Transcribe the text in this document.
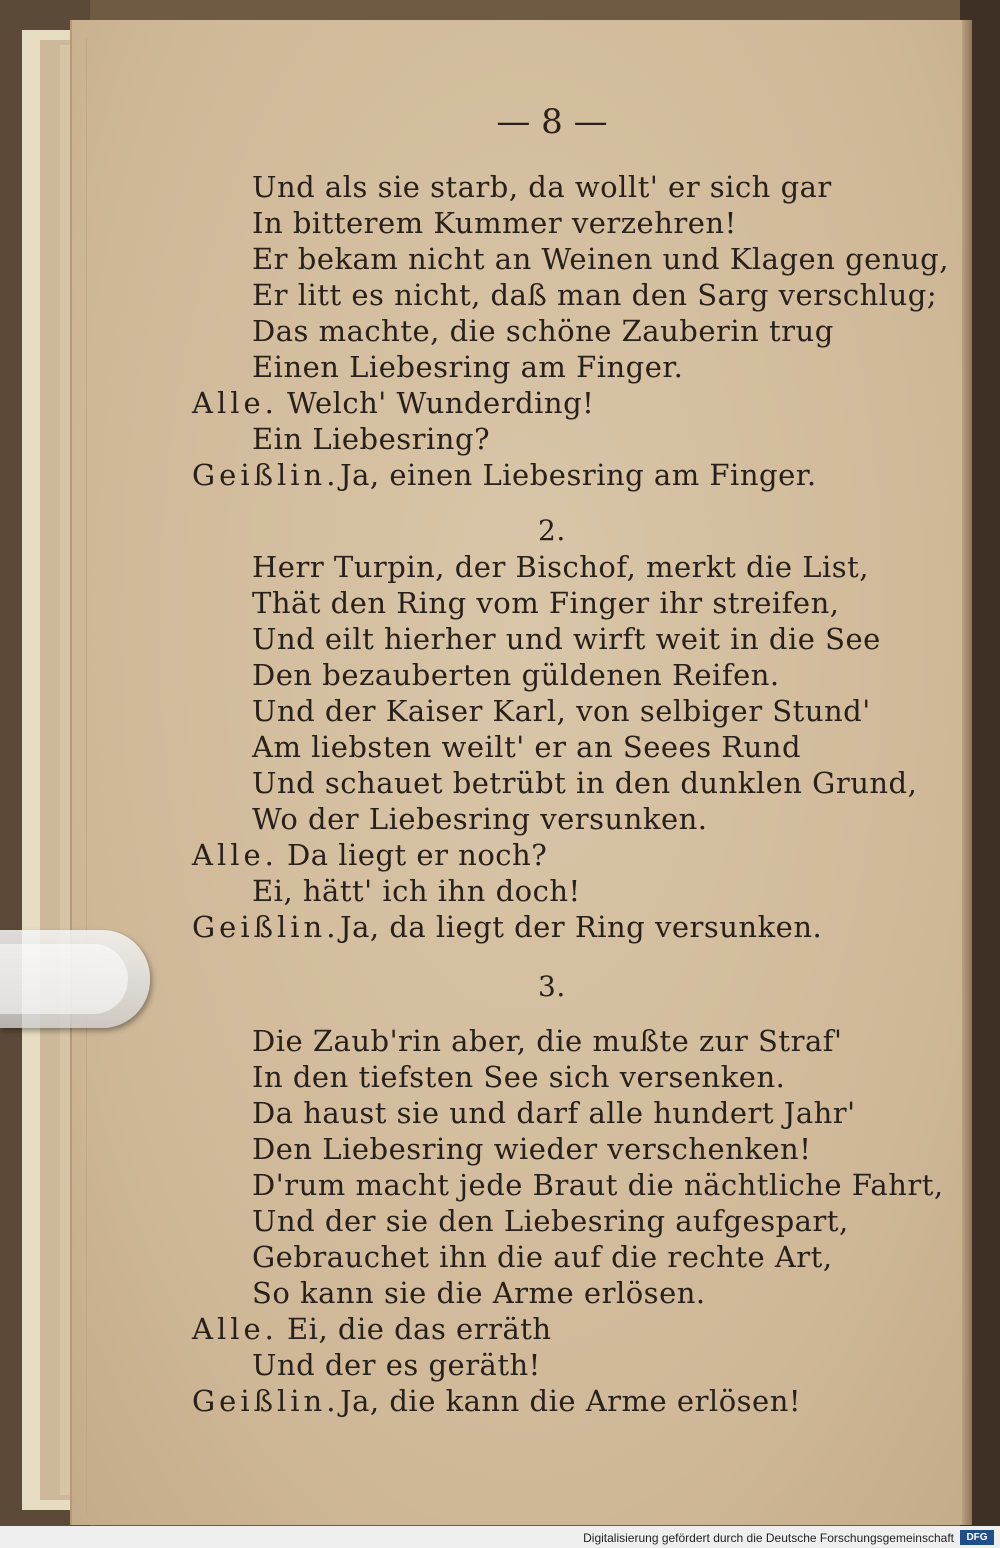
— 8 —
Und als sie starb, da wollt' er sich gar
In bitterem Kummer verzehren!
Er bekam nicht an Weinen und Klagen genug,
Er litt es nicht, daß man den Sarg verschlug;
Das machte, die schöne Zauberin trug
Einen Liebesring am Finger.
Alle. Welch' Wunderding!
Ein Liebesring?
Geißlin. Ja, einen Liebesring am Finger.
2.
Herr Turpin, der Bischof, merkt die List,
Thät den Ring vom Finger ihr streifen,
Und eilt hierher und wirft weit in die See
Den bezauberten güldenen Reifen.
Und der Kaiser Karl, von selbiger Stund'
Am liebsten weilt' er an Seees Rund
Und schauet betrübt in den dunklen Grund,
Wo der Liebesring versunken.
Alle. Da liegt er noch?
Ei, hätt' ich ihn doch!
Geißlin. Ja, da liegt der Ring versunken.
3.
Die Zaub'rin aber, die mußte zur Straf'
In den tiefsten See sich versenken.
Da haust sie und darf alle hundert Jahr'
Den Liebesring wieder verschenken!
D'rum macht jede Braut die nächtliche Fahrt,
Und der sie den Liebesring aufgespart,
Gebrauchet ihn die auf die rechte Art,
So kann sie die Arme erlösen.
Alle. Ei, die das erräth
Und der es geräth!
Geißlin. Ja, die kann die Arme erlösen!
Digitalisierung gefördert durch die Deutsche Forschungsgemeinschaft	DFG
